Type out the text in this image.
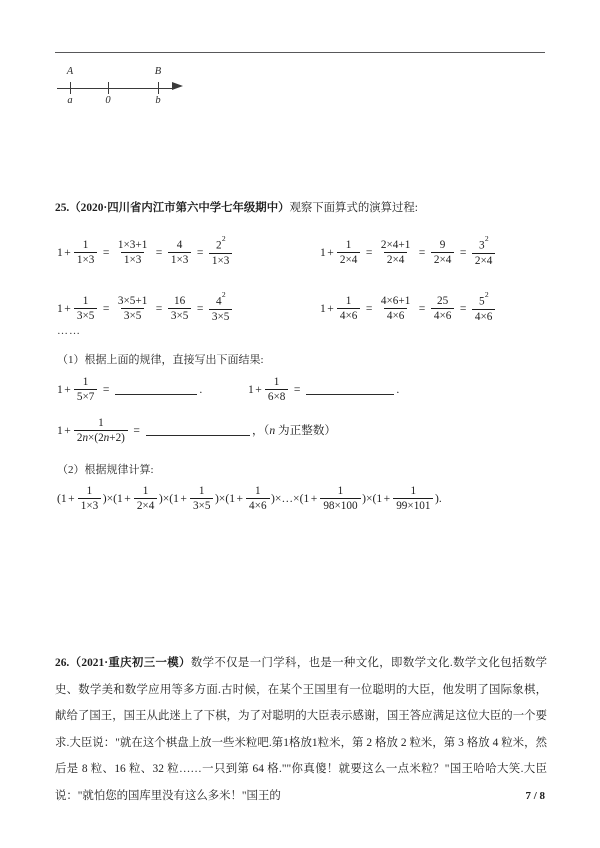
A	B
a	0	b
25.（2020·四川省内江市第六中学七年级期中）观察下面算式的演算过程:
$1 + \frac{1}{1\times 3} = \frac{1\times 3+1}{1\times 3} = \frac{4}{1\times 3} = \frac{2^2}{1\times 3}$	$1 + \frac{1}{2\times 4} = \frac{2\times 4+1}{2\times 4} = \frac{9}{2\times 4} = \frac{3^2}{2\times 4}$
$1 + \frac{1}{3\times 5} = \frac{3\times 5+1}{3\times 5} = \frac{16}{3\times 5} = \frac{4^2}{3\times 5}$	$1 + \frac{1}{4\times 6} = \frac{4\times 6+1}{4\times 6} = \frac{25}{4\times 6} = \frac{5^2}{4\times 6}$
……
（1）根据上面的规律，直接写出下面结果:
$1 + \frac{1}{5\times 7}$ =	.	$1 + \frac{1}{6\times 8}$ =	.
$1 + \frac{1}{2n\times(2n+2)}$ =	，（n 为正整数）
（2）根据规律计算:
( $1 + \frac{1}{1\times 3}$ )×( $1 + \frac{1}{2\times 4}$ )×( $1 + \frac{1}{3\times 5}$ )×( $1 + \frac{1}{4\times 6}$ ) ×…× ( $1 + \frac{1}{98\times 100}$ )×( $1 + \frac{1}{99\times 101}$ ) .
26.（2021·重庆初三一模）数学不仅是一门学科，也是一种文化，即数学文化.数学文化包括数学史、数学美和数学应用等多方面.古时候，在某个王国里有一位聪明的大臣，他发明了国际象棋，献给了国王，国王从此迷上了下棋，为了对聪明的大臣表示感谢，国王答应满足这位大臣的一个要求.大臣说："就在这个棋盘上放一些米粒吧.第1格放1粒米，第 2 格放 2 粒米，第 3 格放 4 粒米，然后是 8 粒、16 粒、32 粒……一只到第 64 格.""你真傻！就要这么一点米粒？"国王哈哈大笑.大臣说："就怕您的国库里没有这么多米！"国王的	7 / 8
